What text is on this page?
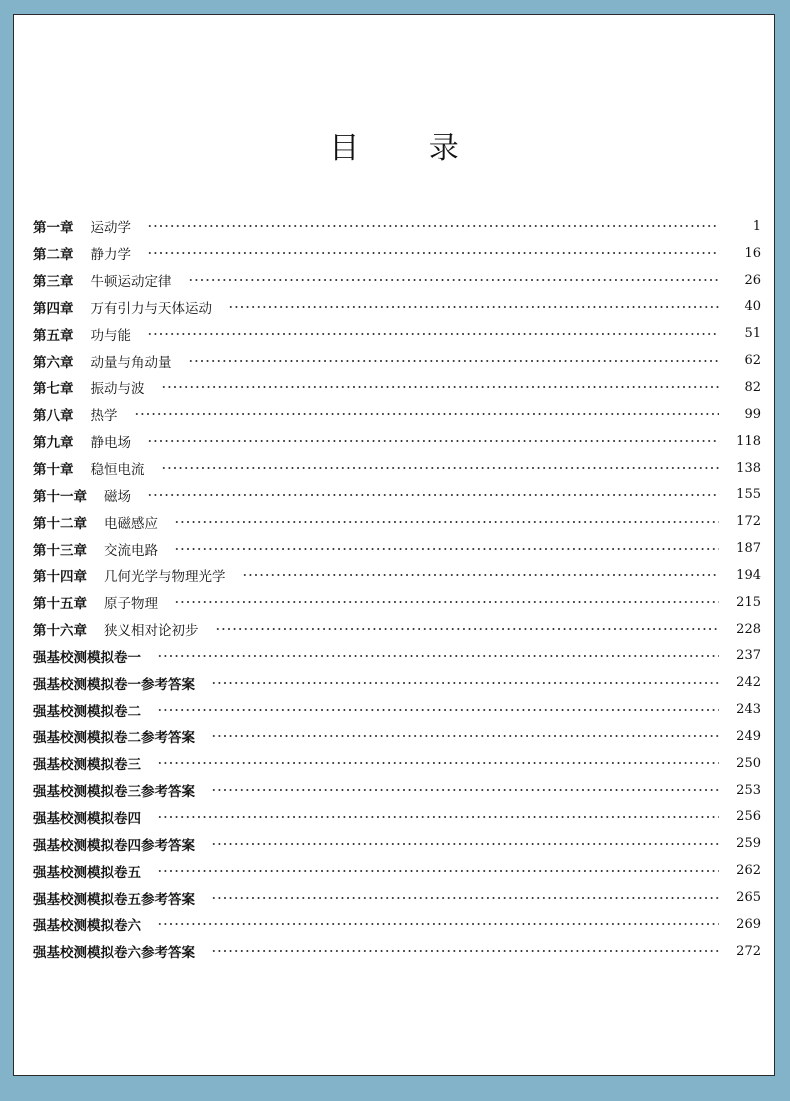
目 录
第一章 运动学	1
第二章 静力学	16
第三章 牛顿运动定律	26
第四章 万有引力与天体运动	40
第五章 功与能	51
第六章 动量与角动量	62
第七章 振动与波	82
第八章 热学	99
第九章 静电场	118
第十章 稳恒电流	138
第十一章 磁场	155
第十二章 电磁感应	172
第十三章 交流电路	187
第十四章 几何光学与物理光学	194
第十五章 原子物理	215
第十六章 狭义相对论初步	228
强基校测模拟卷一	237
强基校测模拟卷一参考答案	242
强基校测模拟卷二	243
强基校测模拟卷二参考答案	249
强基校测模拟卷三	250
强基校测模拟卷三参考答案	253
强基校测模拟卷四	256
强基校测模拟卷四参考答案	259
强基校测模拟卷五	262
强基校测模拟卷五参考答案	265
强基校测模拟卷六	269
强基校测模拟卷六参考答案	272
